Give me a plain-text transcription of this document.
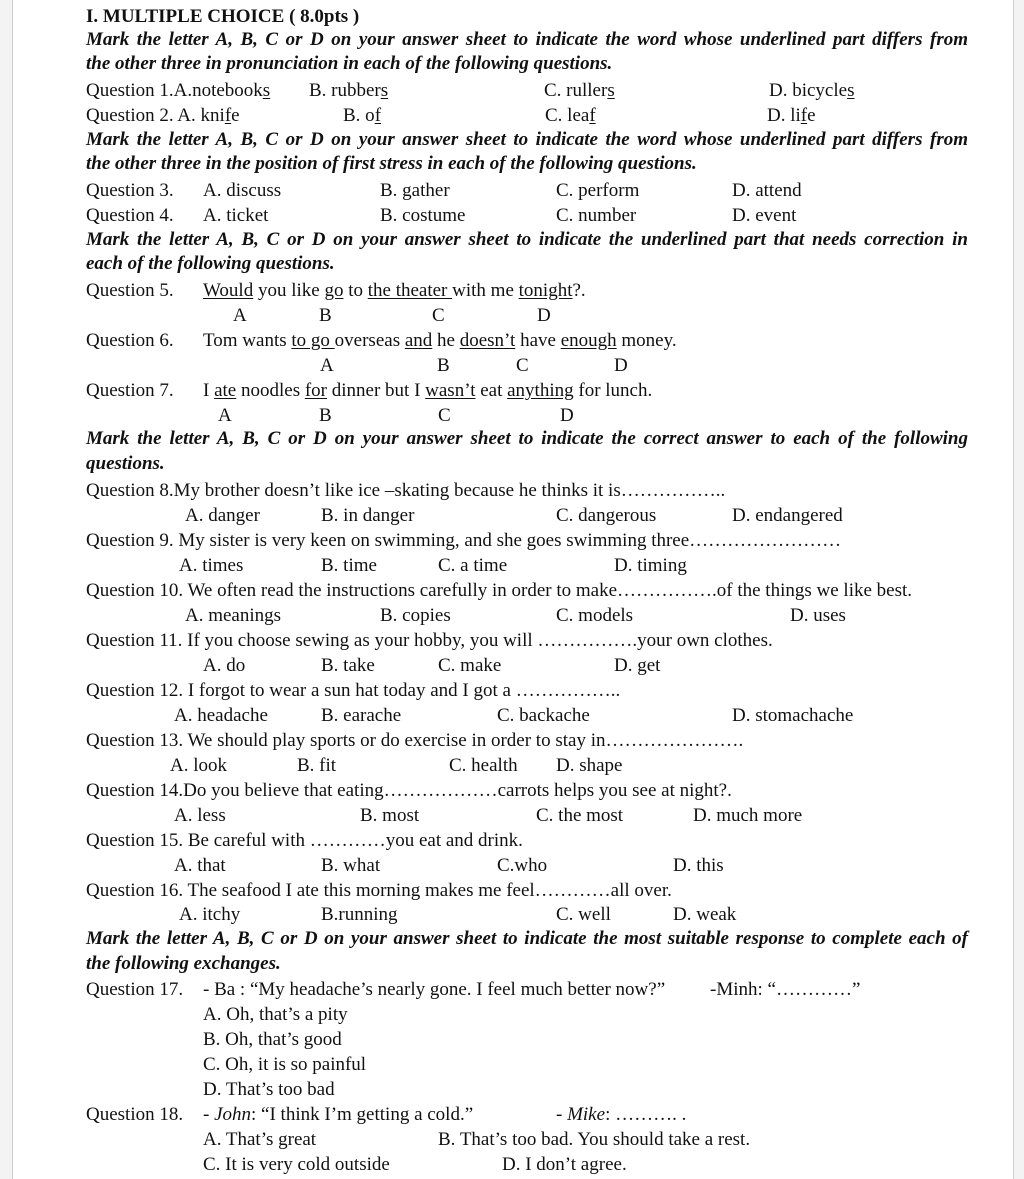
I. MULTIPLE CHOICE ( 8.0pts )
Mark the letter A, B, C or D on your answer sheet to indicate the word whose underlined part differs from
the other three in pronunciation in each of the following questions.
Question 1.A.notebooks B. rubbers	C. rullers	D. bicycles
Question 2. A. knife	B. of	C. leaf	D. life
Mark the letter A, B, C or D on your answer sheet to indicate the word whose underlined part differs from
the other three in the position of first stress in each of the following questions.
Question 3. A. discuss	B. gather	C. perform	D. attend
Question 4. A. ticket	B. costume	C. number	D. event
Mark the letter A, B, C or D on your answer sheet to indicate the underlined part that needs correction in
each of the following questions.
Question 5. Would you like go to the theater with me tonight?.
A	B	C	D
Question 6. Tom wants to go overseas and he doesn’t have enough money.
A	B	C	D
Question 7. I ate noodles for dinner but I wasn’t eat anything for lunch.
A	B	C	D
Mark the letter A, B, C or D on your answer sheet to indicate the correct answer to each of the following
questions.
Question 8.My brother doesn’t like ice –skating because he thinks it is……………..
A. danger	B. in danger	C. dangerous	D. endangered
Question 9. My sister is very keen on swimming, and she goes swimming three……………………
A. times	B. time	C. a time	D. timing
Question 10. We often read the instructions carefully in order to make…………….of the things we like best.
A. meanings	B. copies	C. models	D. uses
Question 11. If you choose sewing as your hobby, you will …………….your own clothes.
A. do	B. take	C. make	D. get
Question 12. I forgot to wear a sun hat today and I got a ……………..
A. headache	B. earache	C. backache	D. stomachache
Question 13. We should play sports or do exercise in order to stay in………………….
A. look	B. fit	C. health D. shape
Question 14.Do you believe that eating………………carrots helps you see at night?.
A. less	B. most	C. the most	D. much more
Question 15. Be careful with …………you eat and drink.
A. that	B. what	C.who	D. this
Question 16. The seafood I ate this morning makes me feel…………all over.
A. itchy	B.running	C. well	D. weak
Mark the letter A, B, C or D on your answer sheet to indicate the most suitable response to complete each of
the following exchanges.
Question 17. - Ba : “My headache’s nearly gone. I feel much better now?” -Minh: “…………”
A. Oh, that’s a pity
B. Oh, that’s good
C. Oh, it is so painful
D. That’s too bad
Question 18. - John: “I think I’m getting a cold.”	- Mike: ………. .
A. That’s great	B. That’s too bad. You should take a rest.
C. It is very cold outside	D. I don’t agree.
